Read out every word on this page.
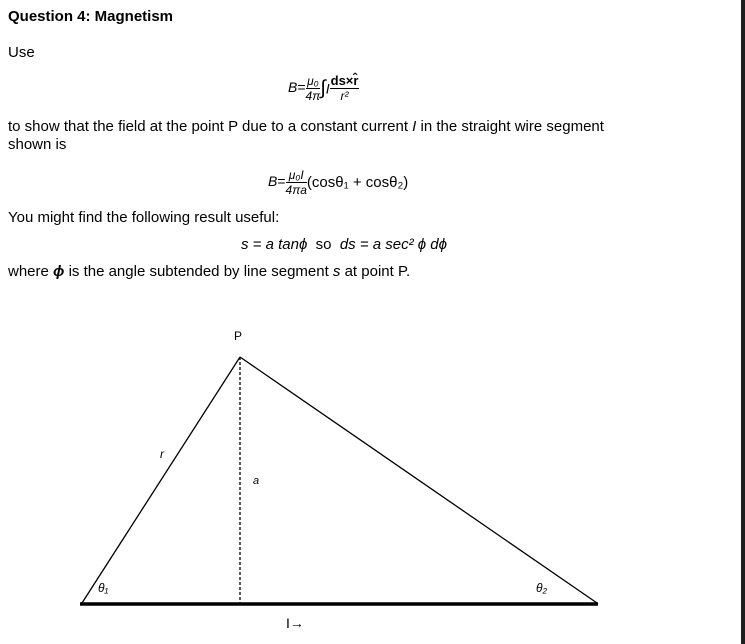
Question 4: Magnetism
Use
$B= \frac{\text{μ₀}}{4\pi} \int I \frac{ds\times r̂}{\text{r²}}$
to show that the field at the point P due to a constant current I in the straight wire segment
shown is
$B= \frac{\text{μ₀I}}{4\pi a} (\cos\theta_1 + \cos\theta_2)$
You might find the following result useful:
s = a tanϕ so ds = a sec² ϕ dϕ
where ϕ is the angle subtended by line segment s at point P.
P
r
a
θ₁	θ₂
I→
